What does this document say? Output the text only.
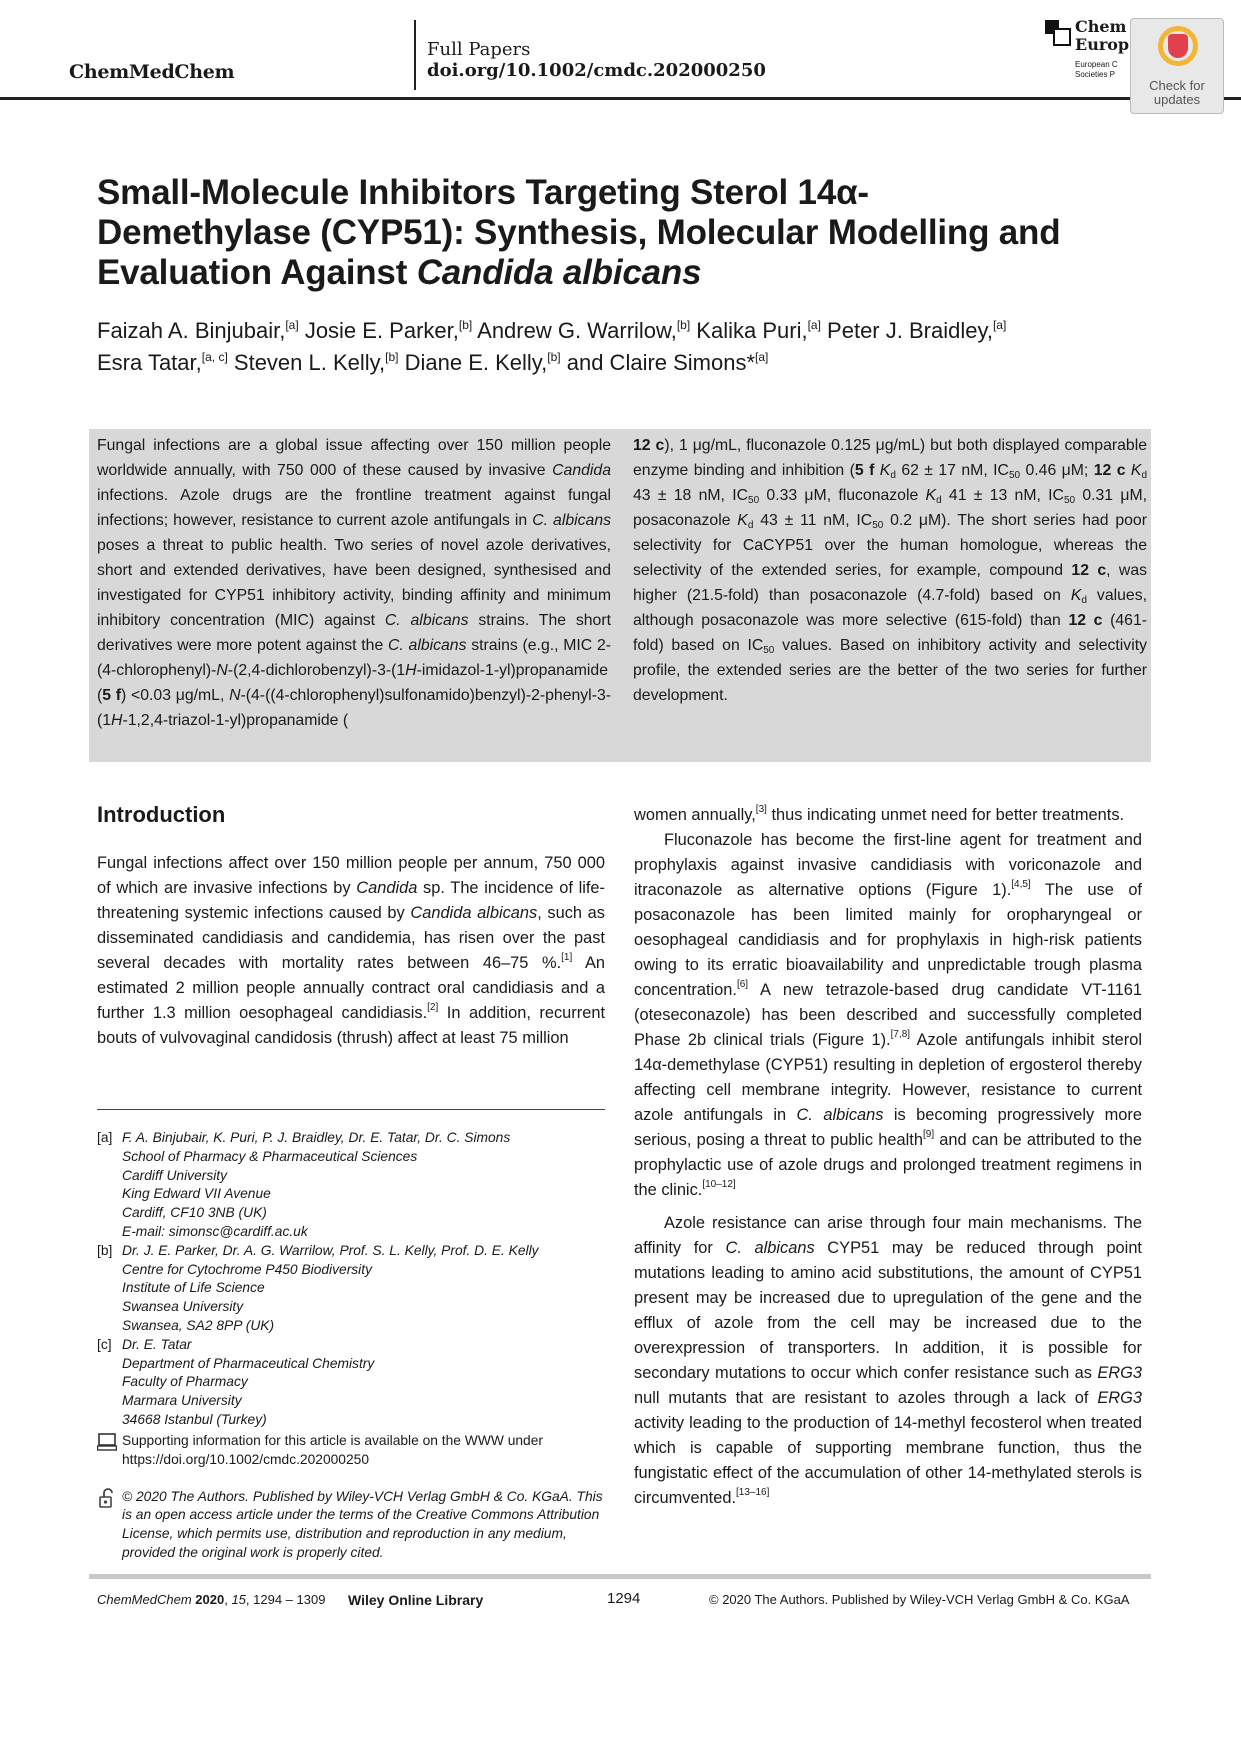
ChemMedChem
Full Papers
doi.org/10.1002/cmdc.202000250
Chem
Europ
European C
Societies P
Check for
updates
Small-Molecule Inhibitors Targeting Sterol 14α-
Demethylase (CYP51): Synthesis, Molecular Modelling and
Evaluation Against Candida albicans
Faizah A. Binjubair,[a] Josie E. Parker,[b] Andrew G. Warrilow,[b] Kalika Puri,[a] Peter J. Braidley,[a]
Esra Tatar,[a, c] Steven L. Kelly,[b] Diane E. Kelly,[b] and Claire Simons*[a]
Fungal infections are a global issue affecting over 150 million people worldwide annually, with 750 000 of these caused by invasive Candida infections. Azole drugs are the frontline treatment against fungal infections; however, resistance to current azole antifungals in C. albicans poses a threat to public health. Two series of novel azole derivatives, short and extended derivatives, have been designed, synthesised and investigated for CYP51 inhibitory activity, binding affinity and minimum inhibitory concentration (MIC) against C. albicans strains. The short derivatives were more potent against the C. albicans strains (e.g., MIC 2-(4-chlorophenyl)-N-(2,4-dichlorobenzyl)-3-(1H-imidazol-1-yl)propanamide (5 f) <0.03 μg/mL, N-(4-((4-chlorophenyl)sulfonamido)benzyl)-2-phenyl-3-(1H-1,2,4-triazol-1-yl)propanamide (
12 c), 1 μg/mL, fluconazole 0.125 μg/mL) but both displayed comparable enzyme binding and inhibition (5 f $K_d$ 62 ± 17 nM, $IC_{50}$ 0.46 μM; 12 c $K_d$ 43 ± 18 nM, $IC_{50}$ 0.33 μM, fluconazole $K_d$ 41 ± 13 nM, $IC_{50}$ 0.31 μM, posaconazole $K_d$ 43 ± 11 nM, $IC_{50}$ 0.2 μM). The short series had poor selectivity for CaCYP51 over the human homologue, whereas the selectivity of the extended series, for example, compound 12 c, was higher (21.5-fold) than posaconazole (4.7-fold) based on $K_d$ values, although posaconazole was more selective (615-fold) than 12 c (461-fold) based on $IC_{50}$ values. Based on inhibitory activity and selectivity profile, the extended series are the better of the two series for further development.
Introduction

Fungal infections affect over 150 million people per annum, 750 000 of which are invasive infections by Candida sp. The incidence of life-threatening systemic infections caused by Candida albicans, such as disseminated candidiasis and candidemia, has risen over the past several decades with mortality rates between 46–75 %.[1] An estimated 2 million people annually contract oral candidiasis and a further 1.3 million oesophageal candidiasis.[2] In addition, recurrent bouts of vulvovaginal candidosis (thrush) affect at least 75 million

[a] F. A. Binjubair, K. Puri, P. J. Braidley, Dr. E. Tatar, Dr. C. Simons
School of Pharmacy & Pharmaceutical Sciences
Cardiff University
King Edward VII Avenue
Cardiff, CF10 3NB (UK)
E-mail: simonsc@cardiff.ac.uk
[b] Dr. J. E. Parker, Dr. A. G. Warrilow, Prof. S. L. Kelly, Prof. D. E. Kelly
Centre for Cytochrome P450 Biodiversity
Institute of Life Science
Swansea University
Swansea, SA2 8PP (UK)
[c] Dr. E. Tatar
Department of Pharmaceutical Chemistry
Faculty of Pharmacy
Marmara University
34668 Istanbul (Turkey)
Supporting information for this article is available on the WWW under https://doi.org/10.1002/cmdc.202000250
© 2020 The Authors. Published by Wiley-VCH Verlag GmbH & Co. KGaA. This is an open access article under the terms of the Creative Commons Attribution License, which permits use, distribution and reproduction in any medium, provided the original work is properly cited.

women annually,[3] thus indicating unmet need for better treatments.

Fluconazole has become the first-line agent for treatment and prophylaxis against invasive candidiasis with voriconazole and itraconazole as alternative options (Figure 1).[4,5] The use of posaconazole has been limited mainly for oropharyngeal or oesophageal candidiasis and for prophylaxis in high-risk patients owing to its erratic bioavailability and unpredictable trough plasma concentration.[6] A new tetrazole-based drug candidate VT-1161 (oteseconazole) has been described and successfully completed Phase 2b clinical trials (Figure 1).[7,8] Azole antifungals inhibit sterol 14α-demethylase (CYP51) resulting in depletion of ergosterol thereby affecting cell membrane integrity. However, resistance to current azole antifungals in C. albicans is becoming progressively more serious, posing a threat to public health[9] and can be attributed to the prophylactic use of azole drugs and prolonged treatment regimens in the clinic.[10–12]

Azole resistance can arise through four main mechanisms. The affinity for C. albicans CYP51 may be reduced through point mutations leading to amino acid substitutions, the amount of CYP51 present may be increased due to upregulation of the gene and the efflux of azole from the cell may be increased due to the overexpression of transporters. In addition, it is possible for secondary mutations to occur which confer resistance such as ERG3 null mutants that are resistant to azoles through a lack of ERG3 activity leading to the production of 14-methyl fecosterol when treated which is capable of supporting membrane function, thus the fungistatic effect of the accumulation of other 14-methylated sterols is circumvented.[13–16]

ChemMedChem 2020, 15, 1294 – 1309 Wiley Online Library	1294	© 2020 The Authors. Published by Wiley-VCH Verlag GmbH & Co. KGaA
